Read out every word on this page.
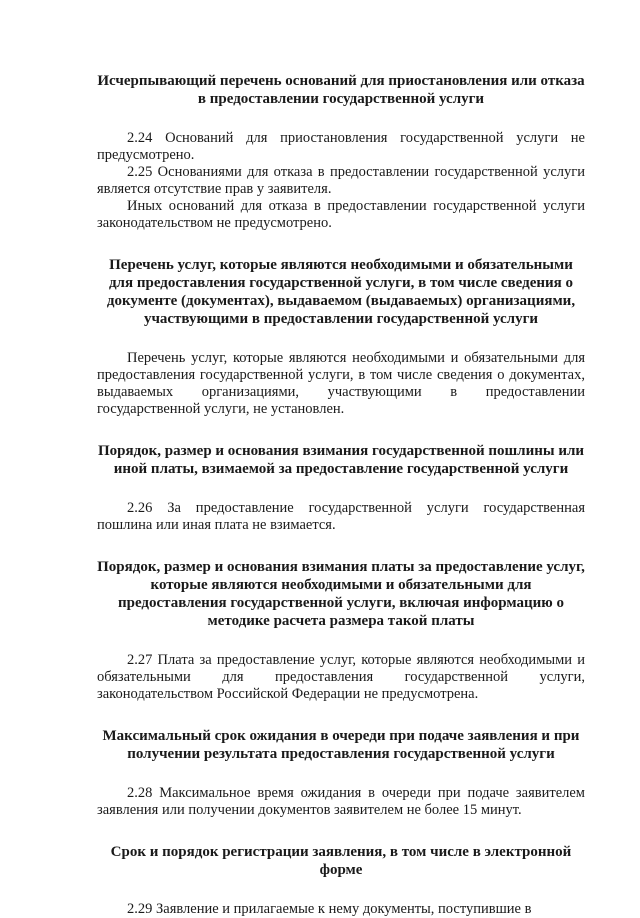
Исчерпывающий перечень оснований для приостановления или отказа в предоставлении государственной услуги

2.24 Оснований для приостановления государственной услуги не предусмотрено.

2.25 Основаниями для отказа в предоставлении государственной услуги является отсутствие прав у заявителя.

Иных оснований для отказа в предоставлении государственной услуги законодательством не предусмотрено.

Перечень услуг, которые являются необходимыми и обязательными для предоставления государственной услуги, в том числе сведения о документе (документах), выдаваемом (выдаваемых) организациями, участвующими в предоставлении государственной услуги

Перечень услуг, которые являются необходимыми и обязательными для предоставления государственной услуги, в том числе сведения о документах, выдаваемых организациями, участвующими в предоставлении государственной услуги, не установлен.

Порядок, размер и основания взимания государственной пошлины или иной платы, взимаемой за предоставление государственной услуги

2.26 За предоставление государственной услуги государственная пошлина или иная плата не взимается.

Порядок, размер и основания взимания платы за предоставление услуг, которые являются необходимыми и обязательными для предоставления государственной услуги, включая информацию о методике расчета размера такой платы

2.27 Плата за предоставление услуг, которые являются необходимыми и обязательными для предоставления государственной услуги, законодательством Российской Федерации не предусмотрена.

Максимальный срок ожидания в очереди при подаче заявления и при получении результата предоставления государственной услуги

2.28 Максимальное время ожидания в очереди при подаче заявителем заявления или получении документов заявителем не более 15 минут.

Срок и порядок регистрации заявления, в том числе в электронной форме

2.29 Заявление и прилагаемые к нему документы, поступившие в
